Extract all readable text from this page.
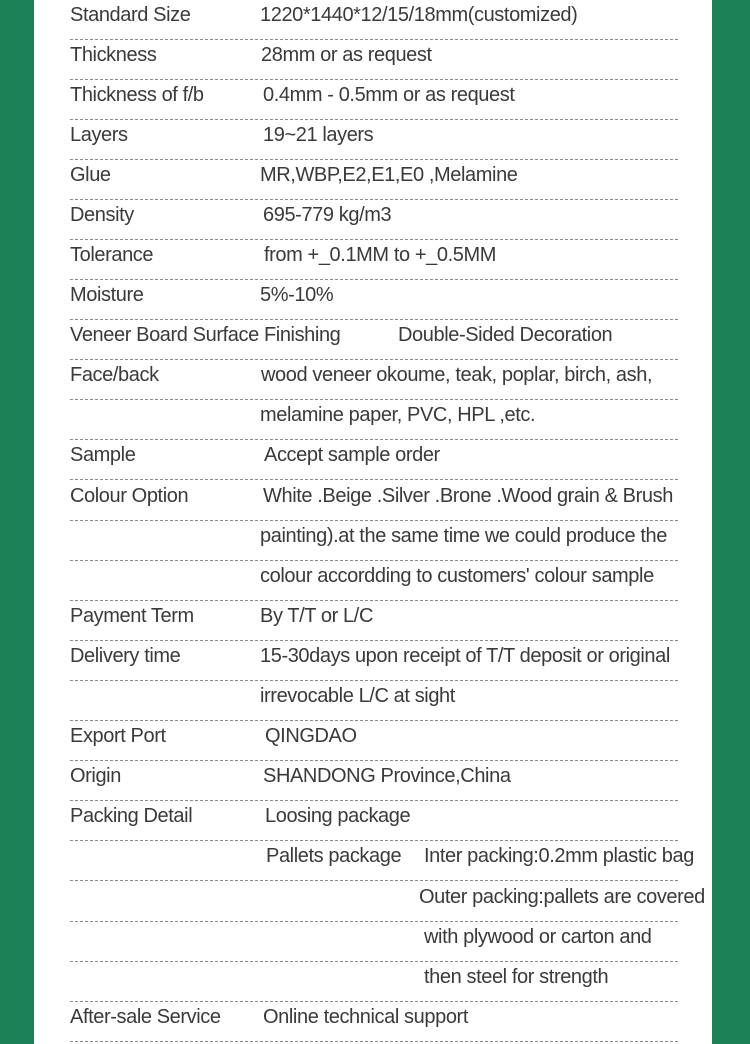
Standard Size	1220*1440*12/15/18mm(customized)
Thickness	28mm or as request
Thickness of f/b	0.4mm - 0.5mm or as request
Layers	19~21 layers
Glue	MR,WBP,E2,E1,E0 ,Melamine
Density	695-779 kg/m3
Tolerance	from +_0.1MM to +_0.5MM
Moisture	5%-10%
Veneer Board Surface Finishing	Double-Sided Decoration
Face/back	wood veneer okoume, teak, poplar, birch, ash,
melamine paper, PVC, HPL ,etc.
Sample	Accept sample order
Colour Option	White .Beige .Silver .Brone .Wood grain & Brush
painting).at the same time we could produce the
colour accordding to customers' colour sample
Payment Term	By T/T or L/C
Delivery time	15-30days upon receipt of T/T deposit or original
irrevocable L/C at sight
Export Port	QINGDAO
Origin	SHANDONG Province,China
Packing Detail	Loosing package
Pallets package Inter packing:0.2mm plastic bag
Outer packing:pallets are covered
with plywood or carton and
then steel for strength
After-sale Service Online technical support
